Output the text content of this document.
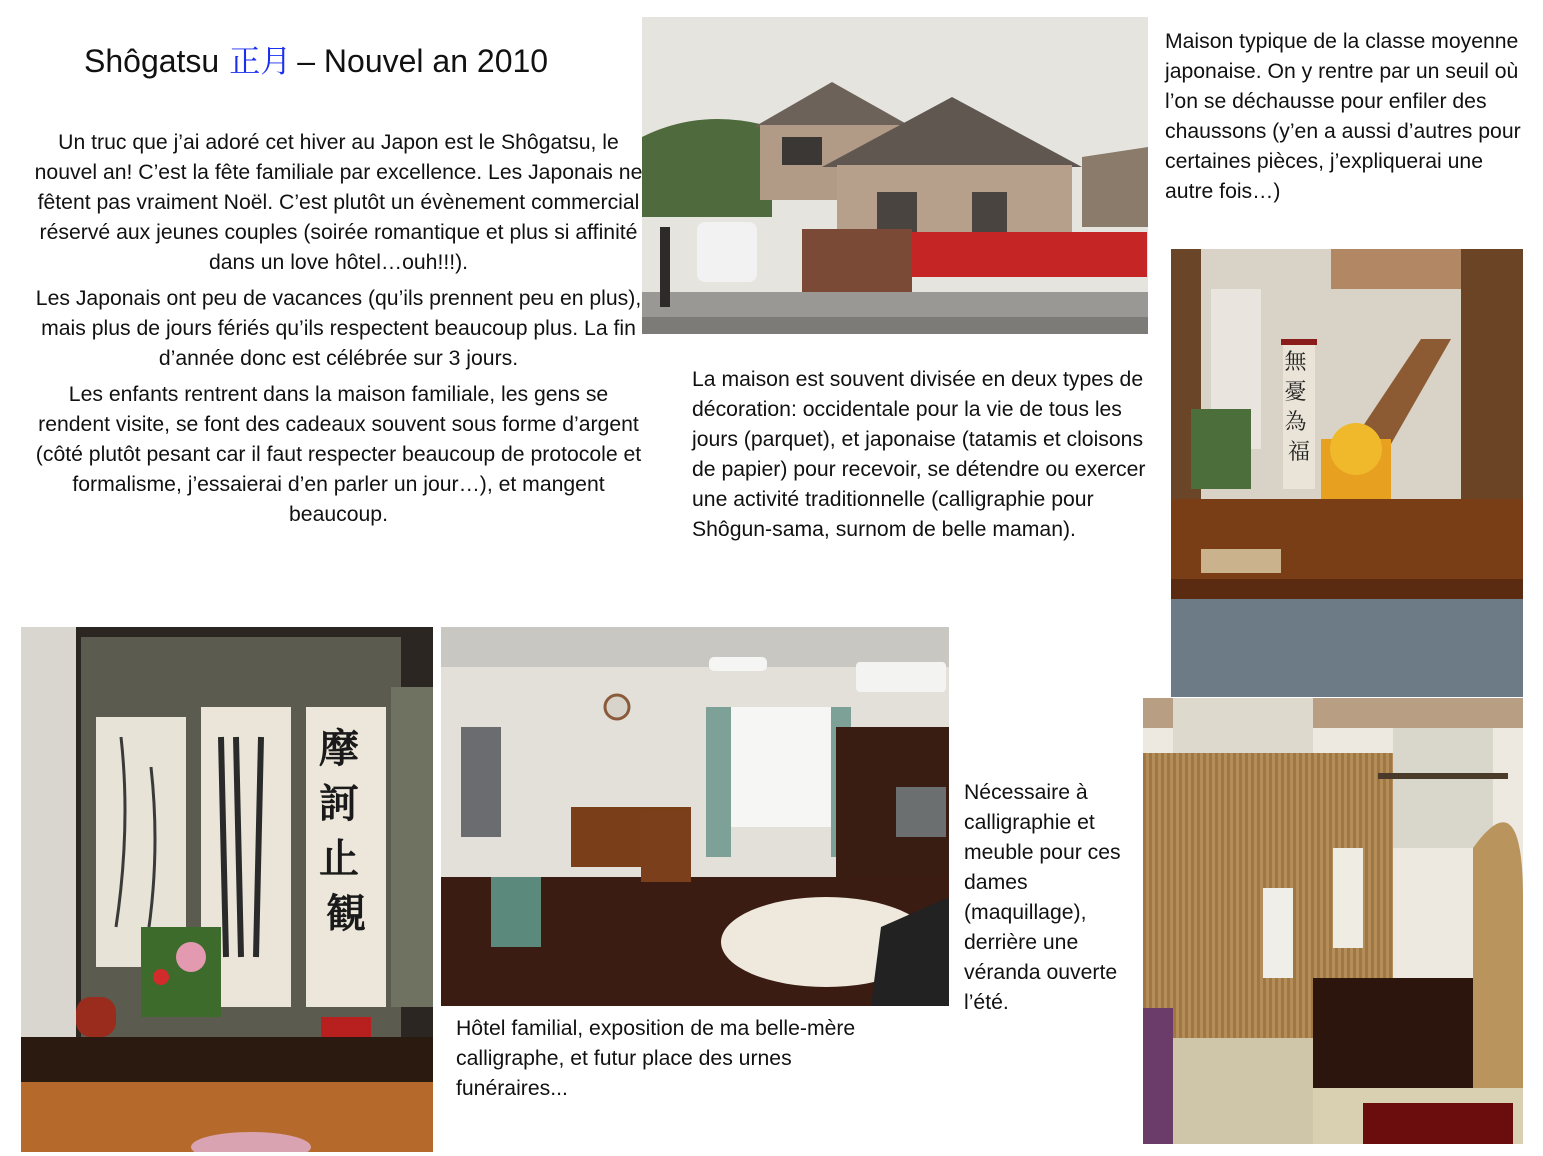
Shôgatsu 正月 – Nouvel an 2010

Un truc que j’ai adoré cet hiver au Japon est le Shôgatsu, le nouvel an! C’est la fête familiale par excellence. Les Japonais ne fêtent pas vraiment Noël. C’est plutôt un évènement commercial réservé aux jeunes couples (soirée romantique et plus si affinité dans un love hôtel…ouh!!!).

Les Japonais ont peu de vacances (qu’ils prennent peu en plus), mais plus de jours fériés qu’ils respectent beaucoup plus. La fin d’année donc est célébrée sur 3 jours.

Les enfants rentrent dans la maison familiale, les gens se rendent visite, se font des cadeaux souvent sous forme d’argent (côté plutôt pesant car il faut respecter beaucoup de protocole et formalisme, j’essaierai d’en parler un jour…), et mangent beaucoup.

Maison typique de la classe moyenne japonaise. On y rentre par un seuil où l’on se déchausse pour enfiler des chaussons (y’en a aussi d’autres pour certaines pièces, j’expliquerai une autre fois…)
無 憂 為 福
La maison est souvent divisée en deux types de décoration: occidentale pour la vie de tous les jours (parquet), et japonaise (tatamis et cloisons de papier) pour recevoir, se détendre ou exercer une activité traditionnelle (calligraphie pour Shôgun-sama, surnom de belle maman).
摩 訶 止 観
Hôtel familial, exposition de ma belle-mère calligraphe, et futur place des urnes funéraires...
Nécessaire à calligraphie et meuble pour ces dames (maquillage), derrière une véranda ouverte l’été.
